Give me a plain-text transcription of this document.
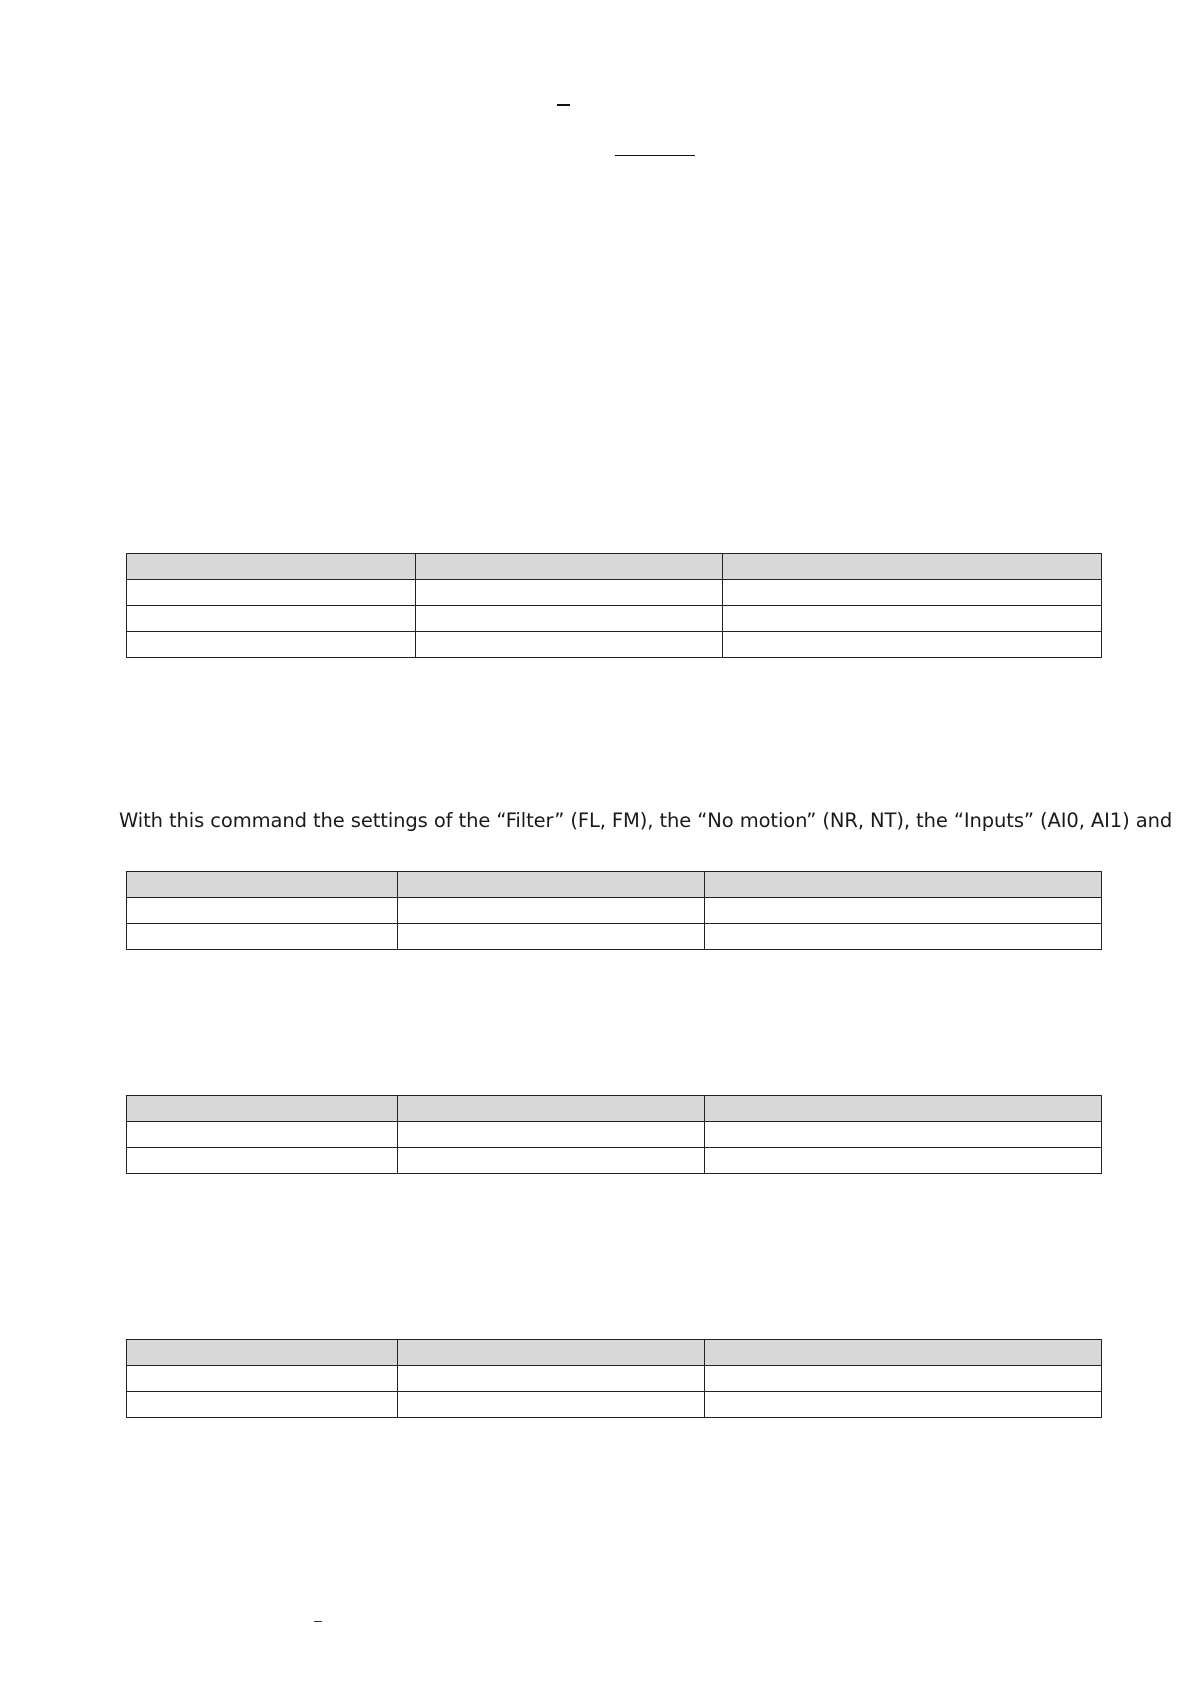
With this command the settings of the “Filter” (FL, FM), the “No motion” (NR, NT), the “Inputs” (AI0, AI1) and
